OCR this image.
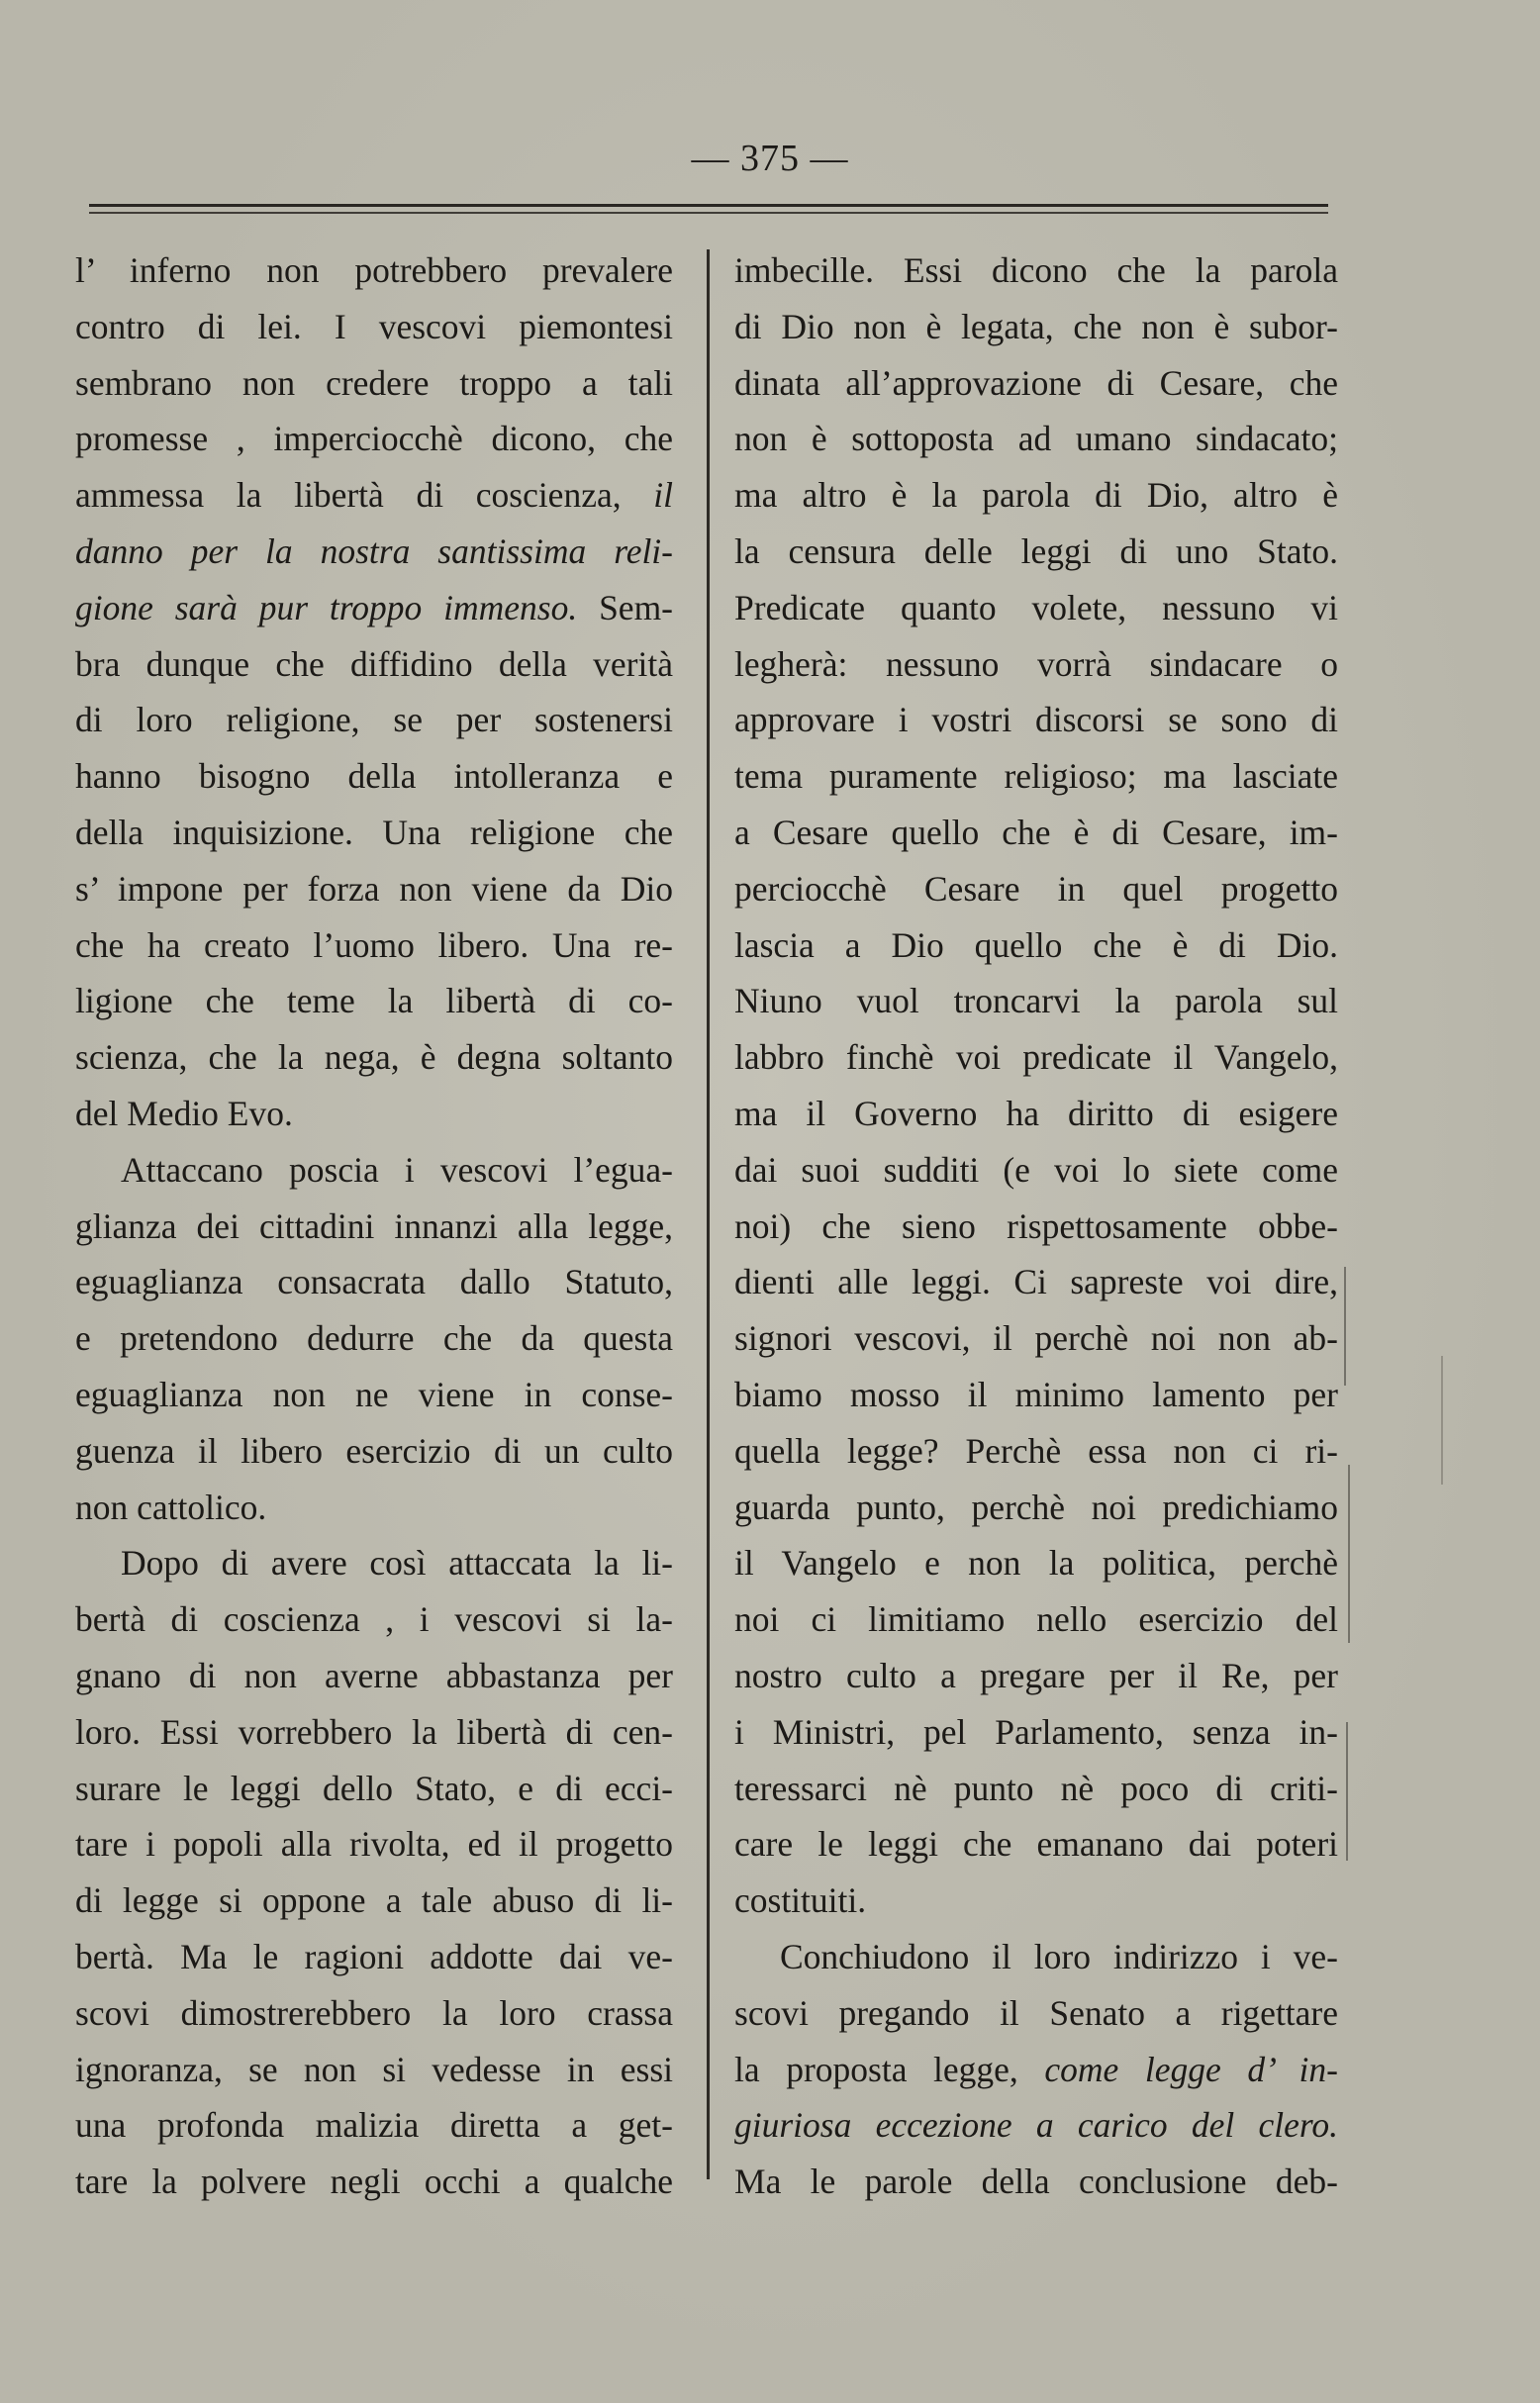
— 375 —
l’ inferno non potrebbero prevalere
contro di lei. I vescovi piemontesi
sembrano non credere troppo a tali
promesse , imperciocchè dicono, che
ammessa la libertà di coscienza, il
danno per la nostra santissima reli-
gione sarà pur troppo immenso. Sem-
bra dunque che diffidino della verità
di loro religione, se per sostenersi
hanno bisogno della intolleranza e
della inquisizione. Una religione che
s’ impone per forza non viene da Dio
che ha creato l’uomo libero. Una re-
ligione che teme la libertà di co-
scienza, che la nega, è degna soltanto
del Medio Evo.
Attaccano poscia i vescovi l’egua-
glianza dei cittadini innanzi alla legge,
eguaglianza consacrata dallo Statuto,
e pretendono dedurre che da questa
eguaglianza non ne viene in conse-
guenza il libero esercizio di un culto
non cattolico.
Dopo di avere così attaccata la li-
bertà di coscienza , i vescovi si la-
gnano di non averne abbastanza per
loro. Essi vorrebbero la libertà di cen-
surare le leggi dello Stato, e di ecci-
tare i popoli alla rivolta, ed il progetto
di legge si oppone a tale abuso di li-
bertà. Ma le ragioni addotte dai ve-
scovi dimostrerebbero la loro crassa
ignoranza, se non si vedesse in essi
una profonda malizia diretta a get-
tare la polvere negli occhi a qualche
imbecille. Essi dicono che la parola
di Dio non è legata, che non è subor-
dinata all’approvazione di Cesare, che
non è sottoposta ad umano sindacato;
ma altro è la parola di Dio, altro è
la censura delle leggi di uno Stato.
Predicate quanto volete, nessuno vi
legherà: nessuno vorrà sindacare o
approvare i vostri discorsi se sono di
tema puramente religioso; ma lasciate
a Cesare quello che è di Cesare, im-
perciocchè Cesare in quel progetto
lascia a Dio quello che è di Dio.
Niuno vuol troncarvi la parola sul
labbro finchè voi predicate il Vangelo,
ma il Governo ha diritto di esigere
dai suoi sudditi (e voi lo siete come
noi) che sieno rispettosamente obbe-
dienti alle leggi. Ci sapreste voi dire,
signori vescovi, il perchè noi non ab-
biamo mosso il minimo lamento per
quella legge? Perchè essa non ci ri-
guarda punto, perchè noi predichiamo
il Vangelo e non la politica, perchè
noi ci limitiamo nello esercizio del
nostro culto a pregare per il Re, per
i Ministri, pel Parlamento, senza in-
teressarci nè punto nè poco di criti-
care le leggi che emanano dai poteri
costituiti.
Conchiudono il loro indirizzo i ve-
scovi pregando il Senato a rigettare
la proposta legge, come legge d’ in-
giuriosa eccezione a carico del clero.
Ma le parole della conclusione deb-
